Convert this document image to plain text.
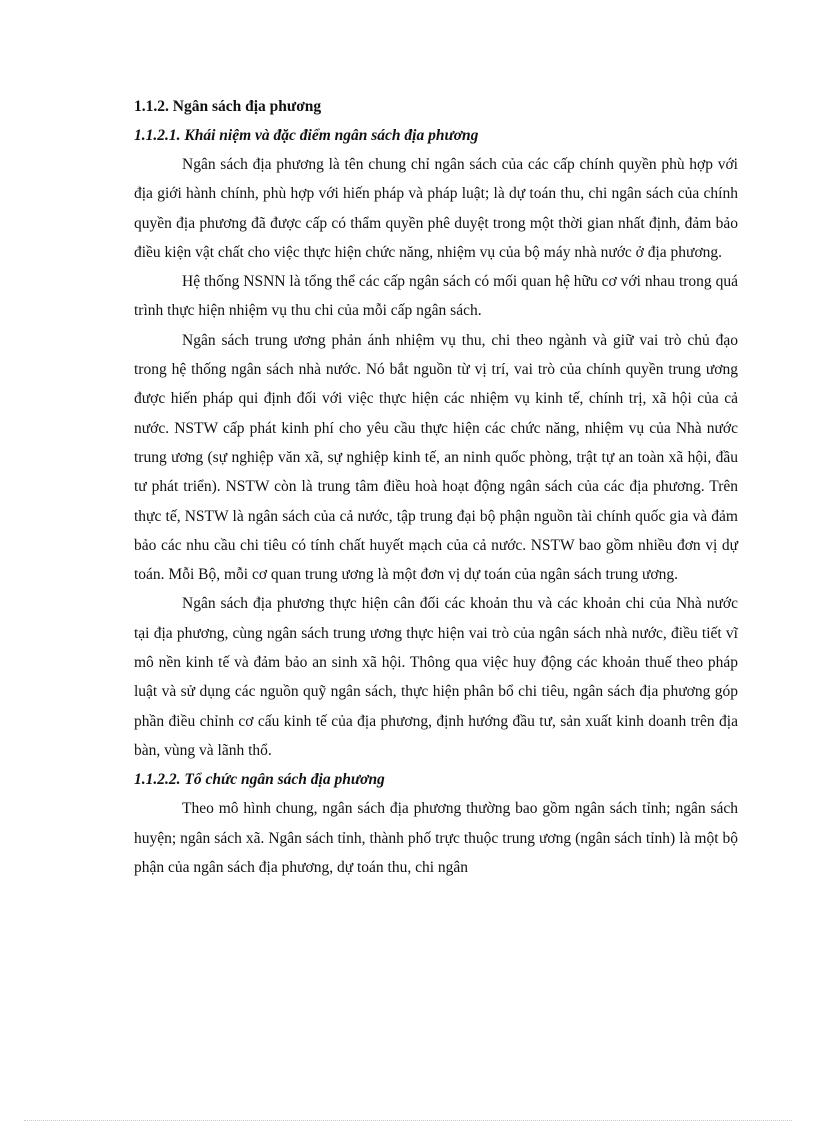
1.1.2. Ngân sách địa phương
1.1.2.1. Khái niệm và đặc điểm ngân sách địa phương

Ngân sách địa phương là tên chung chỉ ngân sách của các cấp chính quyền phù hợp với địa giới hành chính, phù hợp với hiến pháp và pháp luật; là dự toán thu, chi ngân sách của chính quyền địa phương đã được cấp có thẩm quyền phê duyệt trong một thời gian nhất định, đảm bảo điều kiện vật chất cho việc thực hiện chức năng, nhiệm vụ của bộ máy nhà nước ở địa phương.

Hệ thống NSNN là tổng thể các cấp ngân sách có mối quan hệ hữu cơ với nhau trong quá trình thực hiện nhiệm vụ thu chi của mỗi cấp ngân sách.

Ngân sách trung ương phản ánh nhiệm vụ thu, chi theo ngành và giữ vai trò chủ đạo trong hệ thống ngân sách nhà nước. Nó bắt nguồn từ vị trí, vai trò của chính quyền trung ương được hiến pháp qui định đối với việc thực hiện các nhiệm vụ kinh tế, chính trị, xã hội của cả nước. NSTW cấp phát kinh phí cho yêu cầu thực hiện các chức năng, nhiệm vụ của Nhà nước trung ương (sự nghiệp văn xã, sự nghiệp kinh tế, an ninh quốc phòng, trật tự an toàn xã hội, đầu tư phát triển). NSTW còn là trung tâm điều hoà hoạt động ngân sách của các địa phương. Trên thực tế, NSTW là ngân sách của cả nước, tập trung đại bộ phận nguồn tài chính quốc gia và đảm bảo các nhu cầu chi tiêu có tính chất huyết mạch của cả nước. NSTW bao gồm nhiều đơn vị dự toán. Mỗi Bộ, mỗi cơ quan trung ương là một đơn vị dự toán của ngân sách trung ương.

Ngân sách địa phương thực hiện cân đối các khoản thu và các khoản chi của Nhà nước tại địa phương, cùng ngân sách trung ương thực hiện vai trò của ngân sách nhà nước, điều tiết vĩ mô nền kinh tế và đảm bảo an sinh xã hội. Thông qua việc huy động các khoản thuế theo pháp luật và sử dụng các nguồn quỹ ngân sách, thực hiện phân bổ chi tiêu, ngân sách địa phương góp phần điều chỉnh cơ cấu kinh tế của địa phương, định hướng đầu tư, sản xuất kinh doanh trên địa bàn, vùng và lãnh thổ.

1.1.2.2. Tổ chức ngân sách địa phương

Theo mô hình chung, ngân sách địa phương thường bao gồm ngân sách tỉnh; ngân sách huyện; ngân sách xã. Ngân sách tỉnh, thành phố trực thuộc trung ương (ngân sách tỉnh) là một bộ phận của ngân sách địa phương, dự toán thu, chi ngân
